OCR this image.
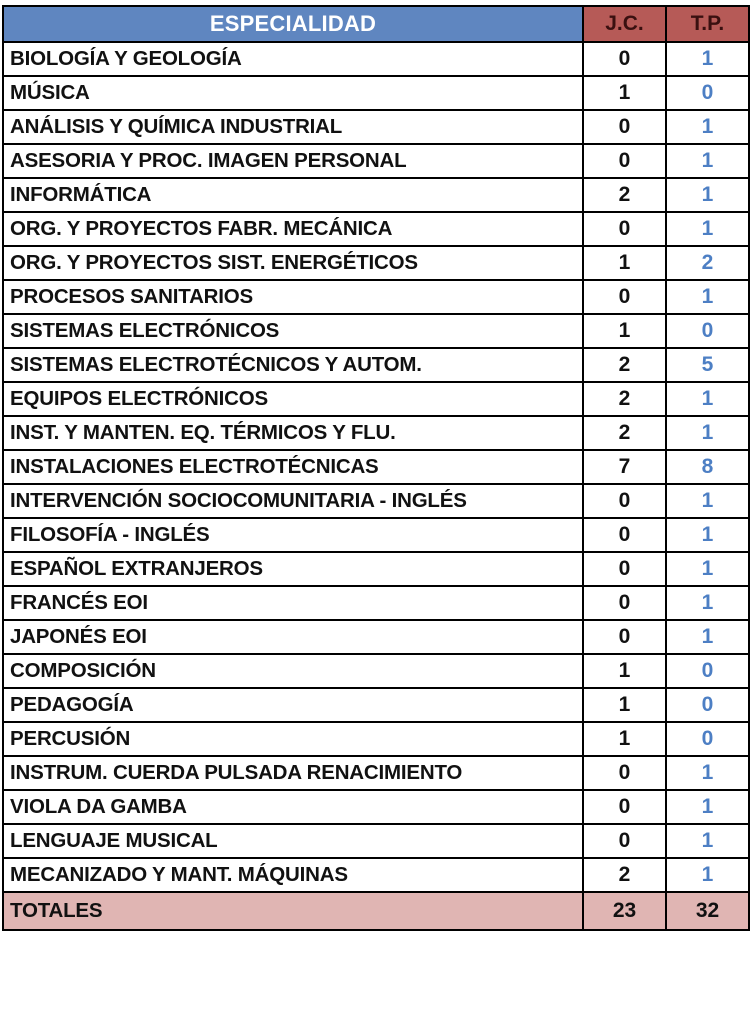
ESPECIALIDAD	J.C.	T.P.
BIOLOGÍA Y GEOLOGÍA	0	1
MÚSICA	1	0
ANÁLISIS Y QUÍMICA INDUSTRIAL	0	1
ASESORIA Y PROC. IMAGEN PERSONAL	0	1
INFORMÁTICA	2	1
ORG. Y PROYECTOS FABR. MECÁNICA	0	1
ORG. Y PROYECTOS SIST. ENERGÉTICOS	1	2
PROCESOS SANITARIOS	0	1
SISTEMAS ELECTRÓNICOS	1	0
SISTEMAS ELECTROTÉCNICOS Y AUTOM.	2	5
EQUIPOS ELECTRÓNICOS	2	1
INST. Y MANTEN. EQ. TÉRMICOS Y FLU.	2	1
INSTALACIONES ELECTROTÉCNICAS	7	8
INTERVENCIÓN SOCIOCOMUNITARIA - INGLÉS	0	1
FILOSOFÍA - INGLÉS	0	1
ESPAÑOL EXTRANJEROS	0	1
FRANCÉS EOI	0	1
JAPONÉS EOI	0	1
COMPOSICIÓN	1	0
PEDAGOGÍA	1	0
PERCUSIÓN	1	0
INSTRUM. CUERDA PULSADA RENACIMIENTO	0	1
VIOLA DA GAMBA	0	1
LENGUAJE MUSICAL	0	1
MECANIZADO Y MANT. MÁQUINAS	2	1
TOTALES	23	32
